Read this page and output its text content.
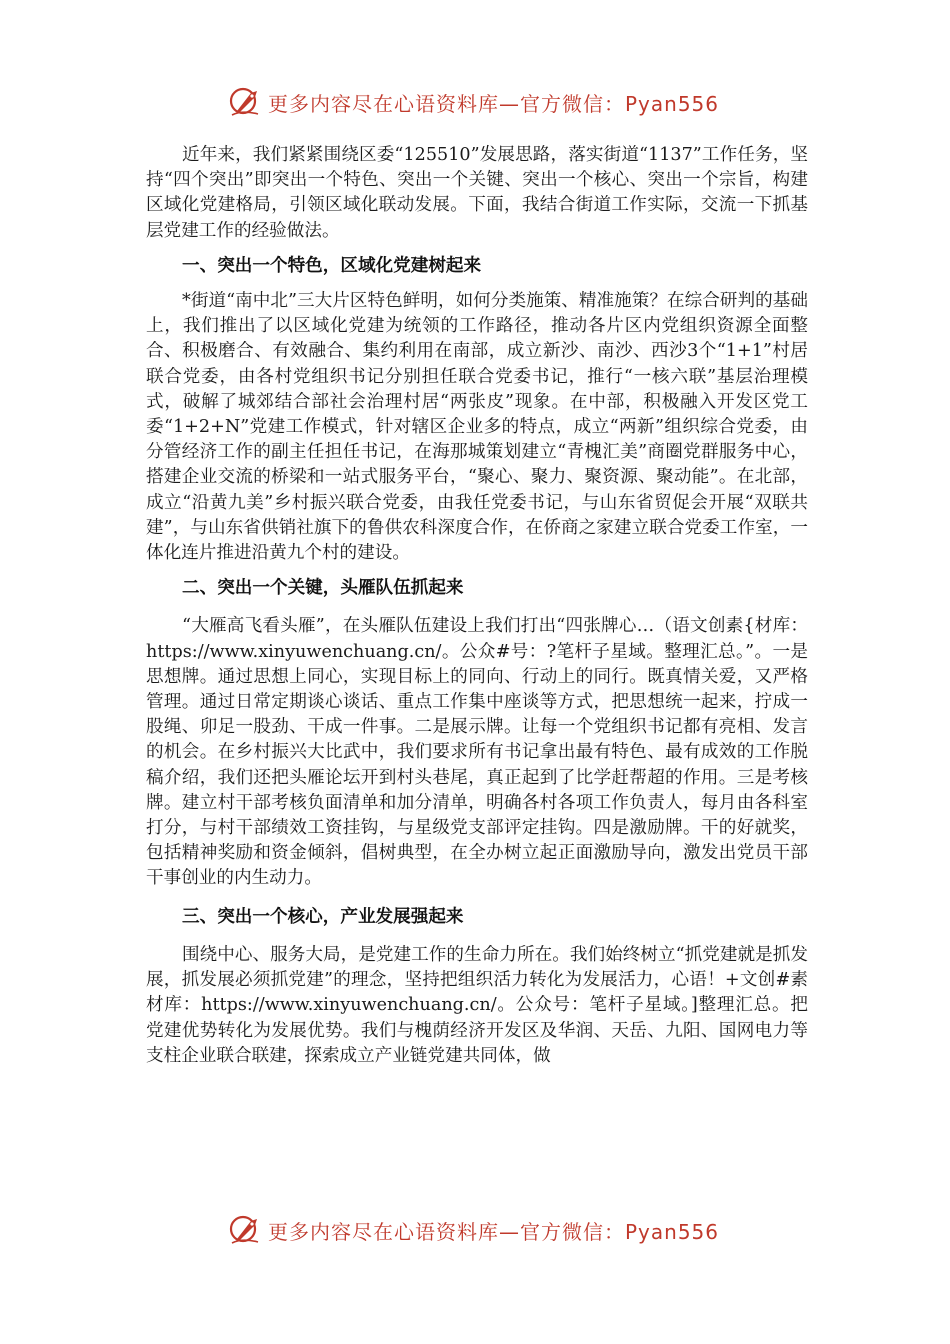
更多内容尽在心语资料库—官方微信：Pyan556

近年来，我们紧紧围绕区委“125510”发展思路，落实街道“1137”工作任务，坚持“四个突出”即突出一个特色、突出一个关键、突出一个核心、突出一个宗旨，构建区域化党建格局，引领区域化联动发展。下面，我结合街道工作实际，交流一下抓基层党建工作的经验做法。

一、突出一个特色，区域化党建树起来

*街道“南中北”三大片区特色鲜明，如何分类施策、精准施策？在综合研判的基础上，我们推出了以区域化党建为统领的工作路径，推动各片区内党组织资源全面整合、积极磨合、有效融合、集约利用在南部，成立新沙、南沙、西沙3个“1+1”村居联合党委，由各村党组织书记分别担任联合党委书记，推行“一核六联”基层治理模式，破解了城郊结合部社会治理村居“两张皮”现象。在中部，积极融入开发区党工委“1+2+N”党建工作模式，针对辖区企业多的特点，成立“两新”组织综合党委，由分管经济工作的副主任担任书记，在海那城策划建立“青槐汇美”商圈党群服务中心，搭建企业交流的桥梁和一站式服务平台，“聚心、聚力、聚资源、聚动能”。在北部，成立“沿黄九美”乡村振兴联合党委，由我任党委书记，与山东省贸促会开展“双联共建”，与山东省供销社旗下的鲁供农科深度合作，在侨商之家建立联合党委工作室，一体化连片推进沿黄九个村的建设。

二、突出一个关键，头雁队伍抓起来

“大雁高飞看头雁”，在头雁队伍建设上我们打出“四张牌心…（语文创素{材库：https://www.xinyuwenchuang.cn/。公众#号：?笔杆子星域。整理汇总。”。一是思想牌。通过思想上同心，实现目标上的同向、行动上的同行。既真情关爱，又严格管理。通过日常定期谈心谈话、重点工作集中座谈等方式，把思想统一起来，拧成一股绳、卯足一股劲、干成一件事。二是展示牌。让每一个党组织书记都有亮相、发言的机会。在乡村振兴大比武中，我们要求所有书记拿出最有特色、最有成效的工作脱稿介绍，我们还把头雁论坛开到村头巷尾，真正起到了比学赶帮超的作用。三是考核牌。建立村干部考核负面清单和加分清单，明确各村各项工作负责人，每月由各科室打分，与村干部绩效工资挂钩，与星级党支部评定挂钩。四是激励牌。干的好就奖，包括精神奖励和资金倾斜，倡树典型，在全办树立起正面激励导向，激发出党员干部干事创业的内生动力。

三、突出一个核心，产业发展强起来

围绕中心、服务大局，是党建工作的生命力所在。我们始终树立“抓党建就是抓发展，抓发展必须抓党建”的理念，坚持把组织活力转化为发展活力，心语！+文创#素材库：https://www.xinyuwenchuang.cn/。公众号：笔杆子星域。]整理汇总。把党建优势转化为发展优势。我们与槐荫经济开发区及华润、天岳、九阳、国网电力等支柱企业联合联建，探索成立产业链党建共同体，做

更多内容尽在心语资料库—官方微信：Pyan556
